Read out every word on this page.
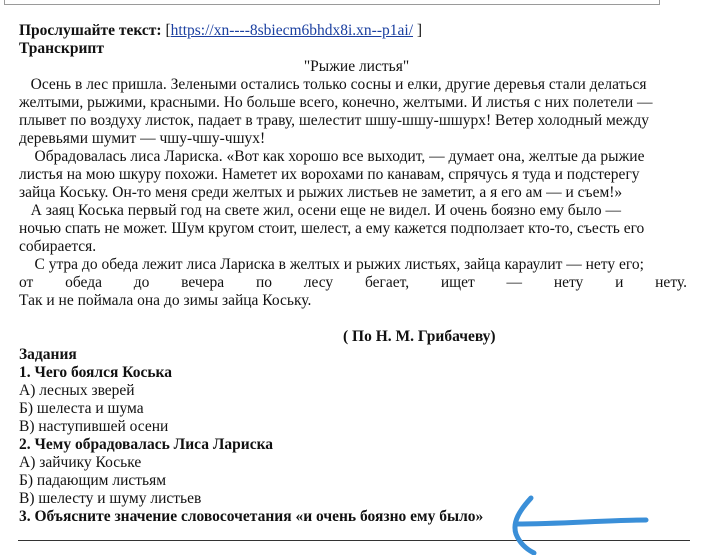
Прослушайте текст: [https://xn----8sbiecm6bhdx8i.xn--p1ai/ ]
Транскрипт
"Рыжие листья"
Осень в лес пришла. Зелеными остались только сосны и елки, другие деревья стали делаться
желтыми, рыжими, красными. Но больше всего, конечно, желтыми. И листья с них полетели —
плывет по воздуху листок, падает в траву, шелестит шшу-шшу-шшурх! Ветер холодный между
деревьями шумит — чшу-чшу-чшух!
Обрадовалась лиса Лариска. «Вот как хорошо все выходит, — думает она, желтые да рыжие
листья на мою шкуру похожи. Наметет их ворохами по канавам, спрячусь я туда и подстерегу
зайца Коську. Он-то меня среди желтых и рыжих листьев не заметит, а я его ам — и съем!»
А заяц Коська первый год на свете жил, осени еще не видел. И очень боязно ему было —
ночью спать не может. Шум кругом стоит, шелест, а ему кажется подползает кто-то, съесть его
собирается.
С утра до обеда лежит лиса Лариска в желтых и рыжих листьях, зайца караулит — нету его;
от обеда до вечера по лесу бегает, ищет — нету и нету.
Так и не поймала она до зимы зайца Коську.
( По Н. М. Грибачеву)
Задания
1. Чего боялся Коська
А) лесных зверей
Б) шелеста и шума
В) наступившей осени
2. Чему обрадовалась Лиса Лариска
А) зайчику Коське
Б) падающим листьям
В) шелесту и шуму листьев
3. Объясните значение словосочетания «и очень боязно ему было»
